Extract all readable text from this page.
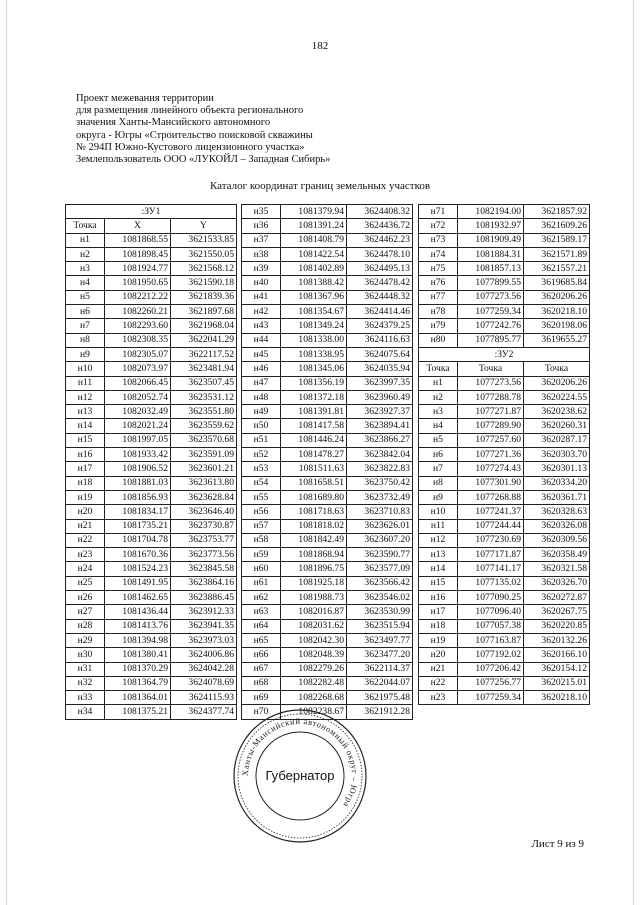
182
Проект межевания территории
для размещения линейного объекта регионального
значения Ханты-Мансийского автономного
округа - Югры «Строительство поисковой скважины
№ 294П Южно-Кустового лицензионного участка»
Землепользователь ООО «ЛУКОЙЛ – Западная Сибирь»
Каталог координат границ земельных участков
:ЗУ1		
Точка	X	Y
н1	1081868.55	3621533.85
н2	1081898.45	3621550.05
н3	1081924.77	3621568.12
н4	1081950.65	3621590.18
н5	1082212.22	3621839.36
н6	1082260.21	3621897.68
н7	1082293.60	3621968.04
н8	1082308.35	3622041.29
н9	1082305.07	3622117.52
н10	1082073.97	3623481.94
н11	1082066.45	3623507.45
н12	1082052.74	3623531.12
н13	1082032.49	3623551.80
н14	1082021.24	3623559.62
н15	1081997.05	3623570.68
н16	1081933.42	3623591.09
н17	1081906.52	3623601.21
н18	1081881.03	3623613.80
н19	1081856.93	3623628.84
н20	1081834.17	3623646.40
н21	1081735.21	3623730.87
н22	1081704.78	3623753.77
н23	1081670.36	3623773.56
н24	1081524.23	3623845.58
н25	1081491.95	3623864.16
н26	1081462.65	3623886.45
н27	1081436.44	3623912.33
н28	1081413.76	3623941.35
н29	1081394.98	3623973.03
н30	1081380.41	3624006.86
н31	1081370.29	3624042.28
н32	1081364.79	3624078.69
н33	1081364.01	3624115.93
н34	1081375.21	3624377.74
н35	1081379.94	3624408.32
н36	1081391.24	3624436.72
н37	1081408.79	3624462.23
н38	1081422.54	3624478.10
н39	1081402.89	3624495.13
н40	1081388.42	3624478.42
н41	1081367.96	3624448.32
н42	1081354.67	3624414.46
н43	1081349.24	3624379.25
н44	1081338.00	3624116.63
н45	1081338.95	3624075.64
н46	1081345.06	3624035.94
н47	1081356.19	3623997.35
н48	1081372.18	3623960.49
н49	1081391.81	3623927.37
н50	1081417.58	3623894.41
н51	1081446.24	3623866.27
н52	1081478.27	3623842.04
н53	1081511.63	3623822.83
н54	1081658.51	3623750.42
н55	1081689.80	3623732.49
н56	1081718.63	3623710.83
н57	1081818.02	3623626.01
н58	1081842.49	3623607.20
н59	1081868.94	3623590.77
н60	1081896.75	3623577.09
н61	1081925.18	3623566.42
н62	1081988.73	3623546.02
н63	1082016.87	3623530.99
н64	1082031.62	3623515.94
н65	1082042.30	3623497.77
н66	1082048.39	3623477.20
н67	1082279.26	3622114.37
н68	1082282.48	3622044.07
н69	1082268.68	3621975.48
н70	1082238.67	3621912.28
н71	1082194.00	3621857.92
н72	1081932.97	3621609.26
н73	1081909.49	3621589.17
н74	1081884.31	3621571.89
н75	1081857.13	3621557.21
н76	1077899.55	3619685.84
н77	1077273.56	3620206.26
н78	1077259.34	3620218.10
н79	1077242.76	3620198.06
н80	1077895.77	3619655.27
:ЗУ2		
Точка	Точка	Точка
н1	1077273.56	3620206.26
н2	1077288.78	3620224.55
н3	1077271.87	3620238.62
н4	1077289.90	3620260.31
н5	1077257.60	3620287.17
н6	1077271.36	3620303.70
н7	1077274.43	3620301.13
н8	1077301.90	3620334.20
н9	1077268.88	3620361.71
н10	1077241.37	3620328.63
н11	1077244.44	3620326.08
н12	1077230.69	3620309.56
н13	1077171.87	3620358.49
н14	1077141.17	3620321.58
н15	1077135.02	3620326.70
н16	1077090.25	3620272.87
н17	1077096.40	3620267.75
н18	1077057.38	3620220.85
н19	1077163.87	3620132.26
н20	1077192.02	3620166.10
н21	1077206.42	3620154.12
н22	1077256.77	3620215.01
н23	1077259.34	3620218.10
Ханты-Мансийский автономный округ – Югра
Губернатор
Лист 9 из 9
